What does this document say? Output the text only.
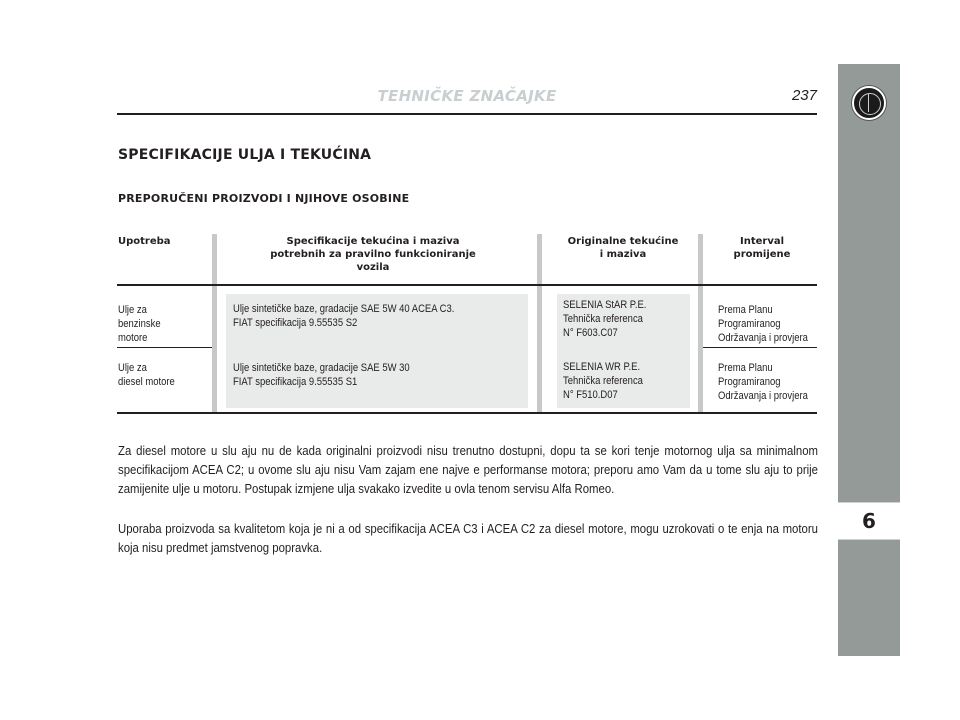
6
TEHNIČKE ZNAČAJKE	237
SPECIFIKACIJE ULJA I TEKUĆINA
PREPORUČENI PROIZVODI I NJIHOVE OSOBINE
Upotreba	Specifikacije tekućina i maziva
potrebnih za pravilno funkcioniranje
vozila
Originalne tekućine
i maziva
Interval
promijene
Ulje za
benzinske
motore
Ulje sintetičke baze, gradacije SAE 5W 40 ACEA C3.
FIAT specifikacija 9.55535 S2
SELENIA StAR P.E.
Tehnička referenca
N° F603.C07
Prema Planu
Programiranog
Održavanja i provjera
Ulje za
diesel motore
Ulje sintetičke baze, gradacije SAE 5W 30
FIAT specifikacija 9.55535 S1
SELENIA WR P.E.
Tehnička referenca
N° F510.D07
Prema Planu
Programiranog
Održavanja i provjera

Za diesel motore u slu aju nu de kada originalni proizvodi nisu trenutno dostupni, dopu ta se kori tenje motornog ulja sa minimalnom specifikacijom ACEA C2; u ovome slu aju nisu Vam zajam ene najve e performanse motora; preporu amo Vam da u tome slu aju to prije zamijenite ulje u motoru. Postupak izmjene ulja svakako izvedite u ovla tenom servisu Alfa Romeo.

Uporaba proizvoda sa kvalitetom koja je ni a od specifikacija ACEA C3 i ACEA C2 za diesel motore, mogu uzrokovati o te enja na motoru koja nisu predmet jamstvenog popravka.
